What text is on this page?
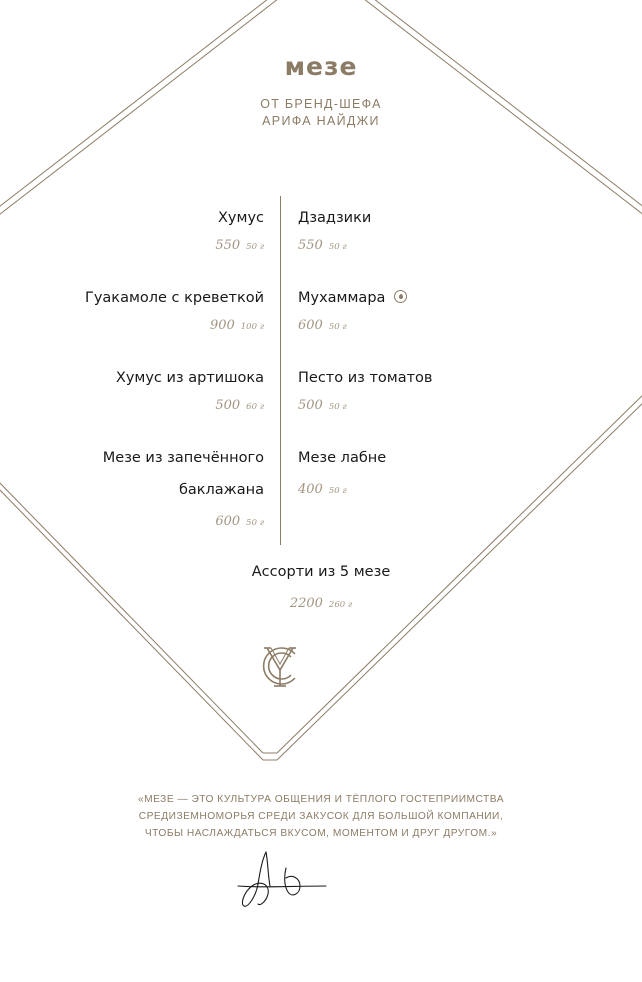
мезе
ОТ БРЕНД-ШЕФА
АРИФА НАЙДЖИ
Хумус
550 50 г
Гуакамоле с креветкой
900 100 г
Хумус из артишока
500 60 г
Мезе из запечённого
баклажана
600 50 г
Дзадзики
550 50 г
Мухаммара
600 50 г
Песто из томатов
500 50 г
Мезе лабне
400 50 г
Ассорти из 5 мезе
2200 260 г
«МЕЗЕ — ЭТО КУЛЬТУРА ОБЩЕНИЯ И ТЁПЛОГО ГОСТЕПРИИМСТВА
СРЕДИЗЕМНОМОРЬЯ СРЕДИ ЗАКУСОК ДЛЯ БОЛЬШОЙ КОМПАНИИ,
ЧТОБЫ НАСЛАЖДАТЬСЯ ВКУСОМ, МОМЕНТОМ И ДРУГ ДРУГОМ.»
